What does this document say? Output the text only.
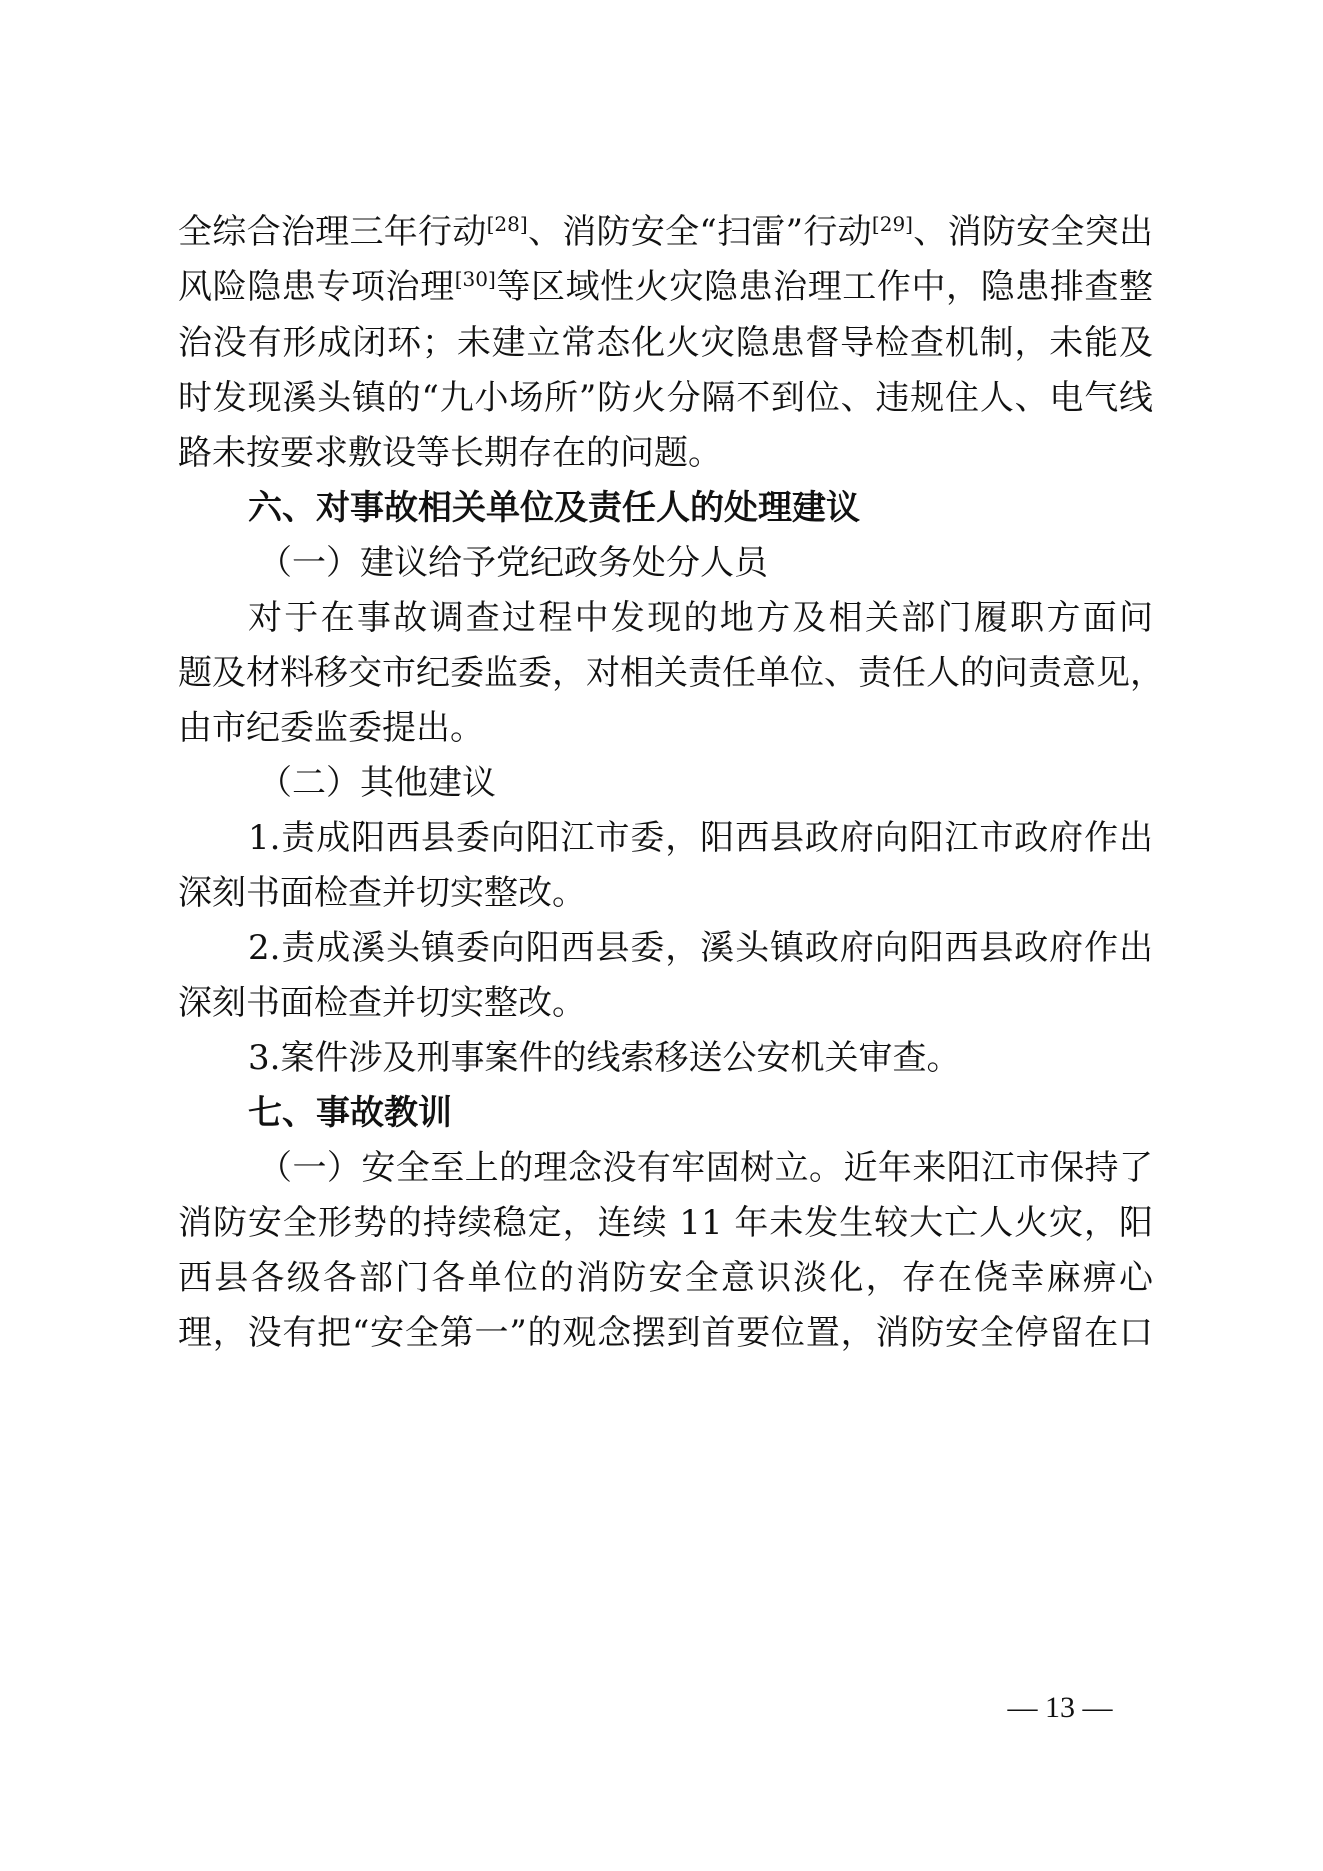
全综合治理三年行动[28]、消防安全“扫雷”行动[29]、消防安全突出
风险隐患专项治理[30]等区域性火灾隐患治理工作中，隐患排查整
治没有形成闭环；未建立常态化火灾隐患督导检查机制，未能及
时发现溪头镇的“九小场所”防火分隔不到位、违规住人、电气线
路未按要求敷设等长期存在的问题。
六、对事故相关单位及责任人的处理建议
（一）建议给予党纪政务处分人员
对于在事故调查过程中发现的地方及相关部门履职方面问
题及材料移交市纪委监委，对相关责任单位、责任人的问责意见，
由市纪委监委提出。
（二）其他建议
1.责成阳西县委向阳江市委，阳西县政府向阳江市政府作出
深刻书面检查并切实整改。
2.责成溪头镇委向阳西县委，溪头镇政府向阳西县政府作出
深刻书面检查并切实整改。
3.案件涉及刑事案件的线索移送公安机关审查。
七、事故教训
（一）安全至上的理念没有牢固树立。近年来阳江市保持了
消防安全形势的持续稳定，连续 11 年未发生较大亡人火灾，阳
西县各级各部门各单位的消防安全意识淡化，存在侥幸麻痹心
理，没有把“安全第一”的观念摆到首要位置，消防安全停留在口
— 13 —
